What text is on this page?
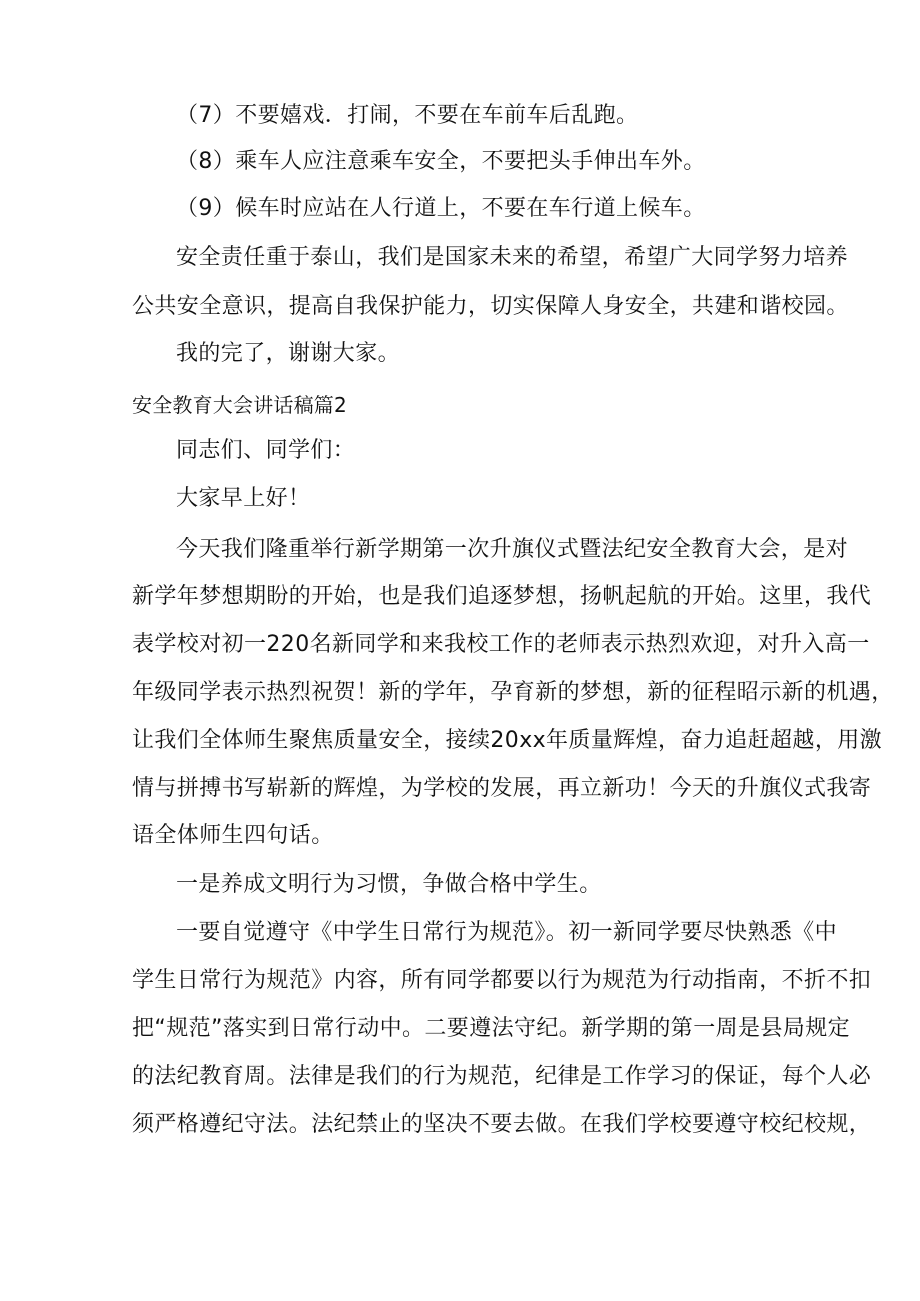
（7）不要嬉戏．打闹，不要在车前车后乱跑。
（8）乘车人应注意乘车安全，不要把头手伸出车外。
（9）候车时应站在人行道上，不要在车行道上候车。
安全责任重于泰山，我们是国家未来的希望，希望广大同学努力培养
公共安全意识，提高自我保护能力，切实保障人身安全，共建和谐校园。
我的完了，谢谢大家。
安全教育大会讲话稿篇2
同志们、同学们：
大家早上好！
今天我们隆重举行新学期第一次升旗仪式暨法纪安全教育大会，是对
新学年梦想期盼的开始，也是我们追逐梦想，扬帆起航的开始。这里，我代
表学校对初一220名新同学和来我校工作的老师表示热烈欢迎，对升入高一
年级同学表示热烈祝贺！新的学年，孕育新的梦想，新的征程昭示新的机遇，
让我们全体师生聚焦质量安全，接续20xx年质量辉煌，奋力追赶超越，用激
情与拼搏书写崭新的辉煌，为学校的发展，再立新功！今天的升旗仪式我寄
语全体师生四句话。
一是养成文明行为习惯，争做合格中学生。
一要自觉遵守《中学生日常行为规范》。初一新同学要尽快熟悉《中
学生日常行为规范》内容，所有同学都要以行为规范为行动指南，不折不扣
把“规范”落实到日常行动中。二要遵法守纪。新学期的第一周是县局规定
的法纪教育周。法律是我们的行为规范，纪律是工作学习的保证，每个人必
须严格遵纪守法。法纪禁止的坚决不要去做。在我们学校要遵守校纪校规，
